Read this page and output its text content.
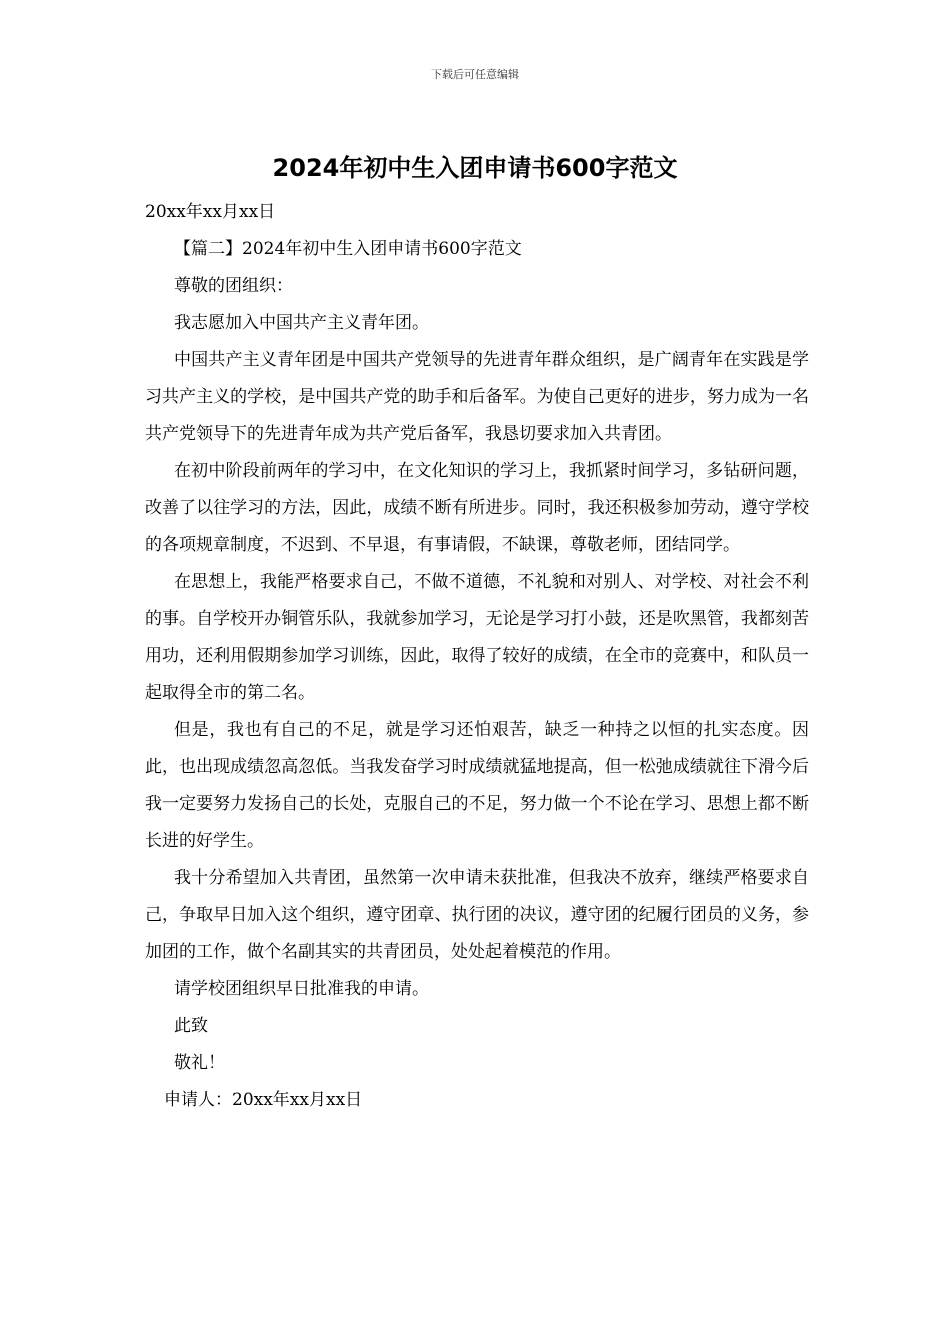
下载后可任意编辑
2024年初中生入团申请书600字范文

20xx年xx月xx日

【篇二】2024年初中生入团申请书600字范文

尊敬的团组织：

我志愿加入中国共产主义青年团。

中国共产主义青年团是中国共产党领导的先进青年群众组织，是广阔青年在实践是学习共产主义的学校，是中国共产党的助手和后备军。为使自己更好的进步，努力成为一名共产党领导下的先进青年成为共产党后备军，我恳切要求加入共青团。

在初中阶段前两年的学习中，在文化知识的学习上，我抓紧时间学习，多钻研问题，改善了以往学习的方法，因此，成绩不断有所进步。同时，我还积极参加劳动，遵守学校的各项规章制度，不迟到、不早退，有事请假，不缺课，尊敬老师，团结同学。

在思想上，我能严格要求自己，不做不道德，不礼貌和对别人、对学校、对社会不利的事。自学校开办铜管乐队，我就参加学习，无论是学习打小鼓，还是吹黑管，我都刻苦用功，还利用假期参加学习训练，因此，取得了较好的成绩，在全市的竞赛中，和队员一起取得全市的第二名。

但是，我也有自己的不足，就是学习还怕艰苦，缺乏一种持之以恒的扎实态度。因此，也出现成绩忽高忽低。当我发奋学习时成绩就猛地提高，但一松弛成绩就往下滑今后我一定要努力发扬自己的长处，克服自己的不足，努力做一个不论在学习、思想上都不断长进的好学生。

我十分希望加入共青团，虽然第一次申请未获批准，但我决不放弃，继续严格要求自己，争取早日加入这个组织，遵守团章、执行团的决议，遵守团的纪履行团员的义务，参加团的工作，做个名副其实的共青团员，处处起着模范的作用。

请学校团组织早日批准我的申请。

此致

敬礼！

申请人：20xx年xx月xx日
